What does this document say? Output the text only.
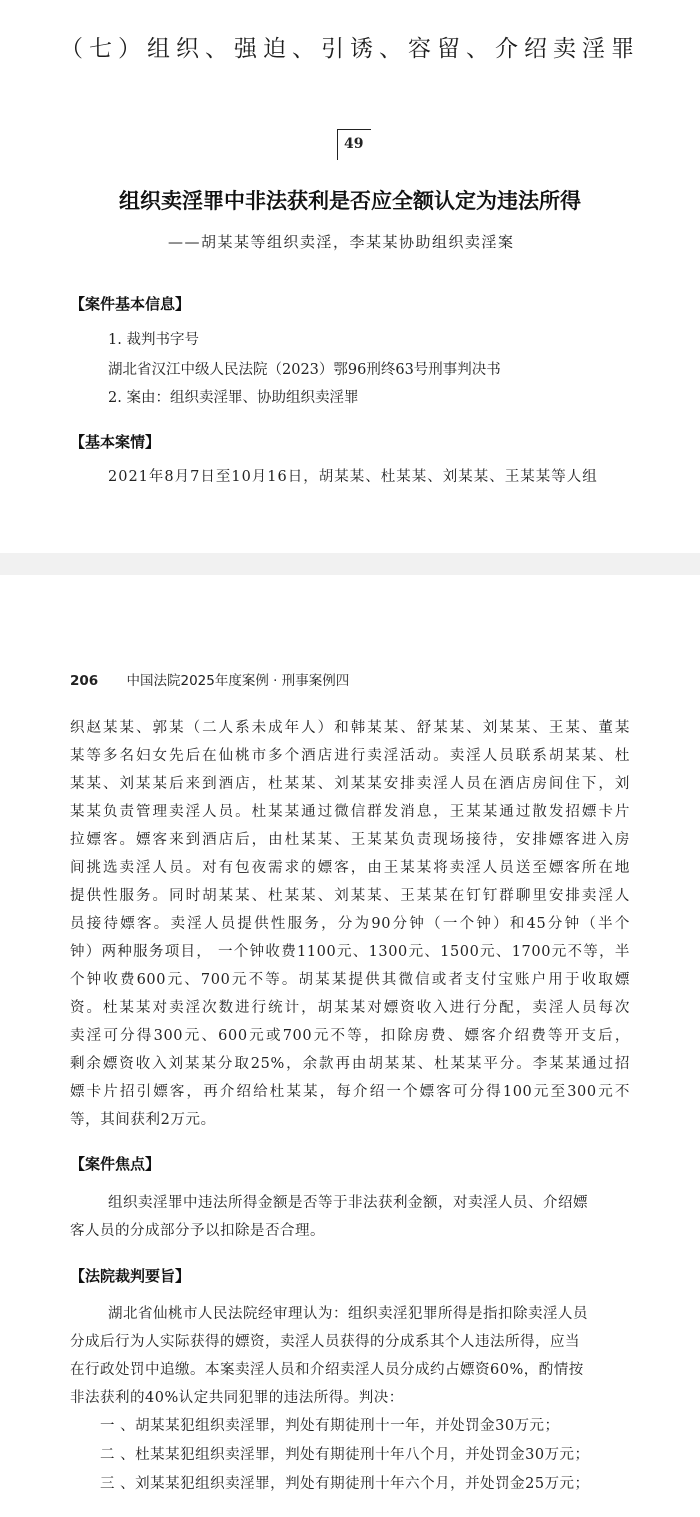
（七）组织、强迫、引诱、容留、介绍卖淫罪
49
组织卖淫罪中非法获利是否应全额认定为违法所得
——胡某某等组织卖淫，李某某协助组织卖淫案
【案件基本信息】
1. 裁判书字号
湖北省汉江中级人民法院（2023）鄂96刑终63号刑事判决书
2. 案由：组织卖淫罪、协助组织卖淫罪
【基本案情】
2021年8月7日至10月16日，胡某某、杜某某、刘某某、王某某等人组
206 中国法院2025年度案例 · 刑事案例四
织赵某某、郭某（二人系未成年人）和韩某某、舒某某、刘某某、王某、董某
某等多名妇女先后在仙桃市多个酒店进行卖淫活动。卖淫人员联系胡某某、杜
某某、刘某某后来到酒店，杜某某、刘某某安排卖淫人员在酒店房间住下，刘
某某负责管理卖淫人员。杜某某通过微信群发消息，王某某通过散发招嫖卡片
拉嫖客。嫖客来到酒店后，由杜某某、王某某负责现场接待，安排嫖客进入房
间挑选卖淫人员。对有包夜需求的嫖客，由王某某将卖淫人员送至嫖客所在地
提供性服务。同时胡某某、杜某某、刘某某、王某某在钉钉群聊里安排卖淫人
员接待嫖客。卖淫人员提供性服务，分为90分钟（一个钟）和45分钟（半个
钟）两种服务项目， 一个钟收费1100元、1300元、1500元、1700元不等，半
个钟收费600元、700元不等。胡某某提供其微信或者支付宝账户用于收取嫖
资。杜某某对卖淫次数进行统计，胡某某对嫖资收入进行分配，卖淫人员每次
卖淫可分得300元、600元或700元不等，扣除房费、嫖客介绍费等开支后，
剩余嫖资收入刘某某分取25%，余款再由胡某某、杜某某平分。李某某通过招
嫖卡片招引嫖客，再介绍给杜某某，每介绍一个嫖客可分得100元至300元不
等，其间获利2万元。
【案件焦点】
组织卖淫罪中违法所得金额是否等于非法获利金额，对卖淫人员、介绍嫖
客人员的分成部分予以扣除是否合理。
【法院裁判要旨】
湖北省仙桃市人民法院经审理认为：组织卖淫犯罪所得是指扣除卖淫人员
分成后行为人实际获得的嫖资，卖淫人员获得的分成系其个人违法所得，应当
在行政处罚中追缴。本案卖淫人员和介绍卖淫人员分成约占嫖资60%，酌情按
非法获利的40%认定共同犯罪的违法所得。判决：
一 、胡某某犯组织卖淫罪，判处有期徒刑十一年，并处罚金30万元；
二 、杜某某犯组织卖淫罪，判处有期徒刑十年八个月，并处罚金30万元；
三 、刘某某犯组织卖淫罪，判处有期徒刑十年六个月，并处罚金25万元；
